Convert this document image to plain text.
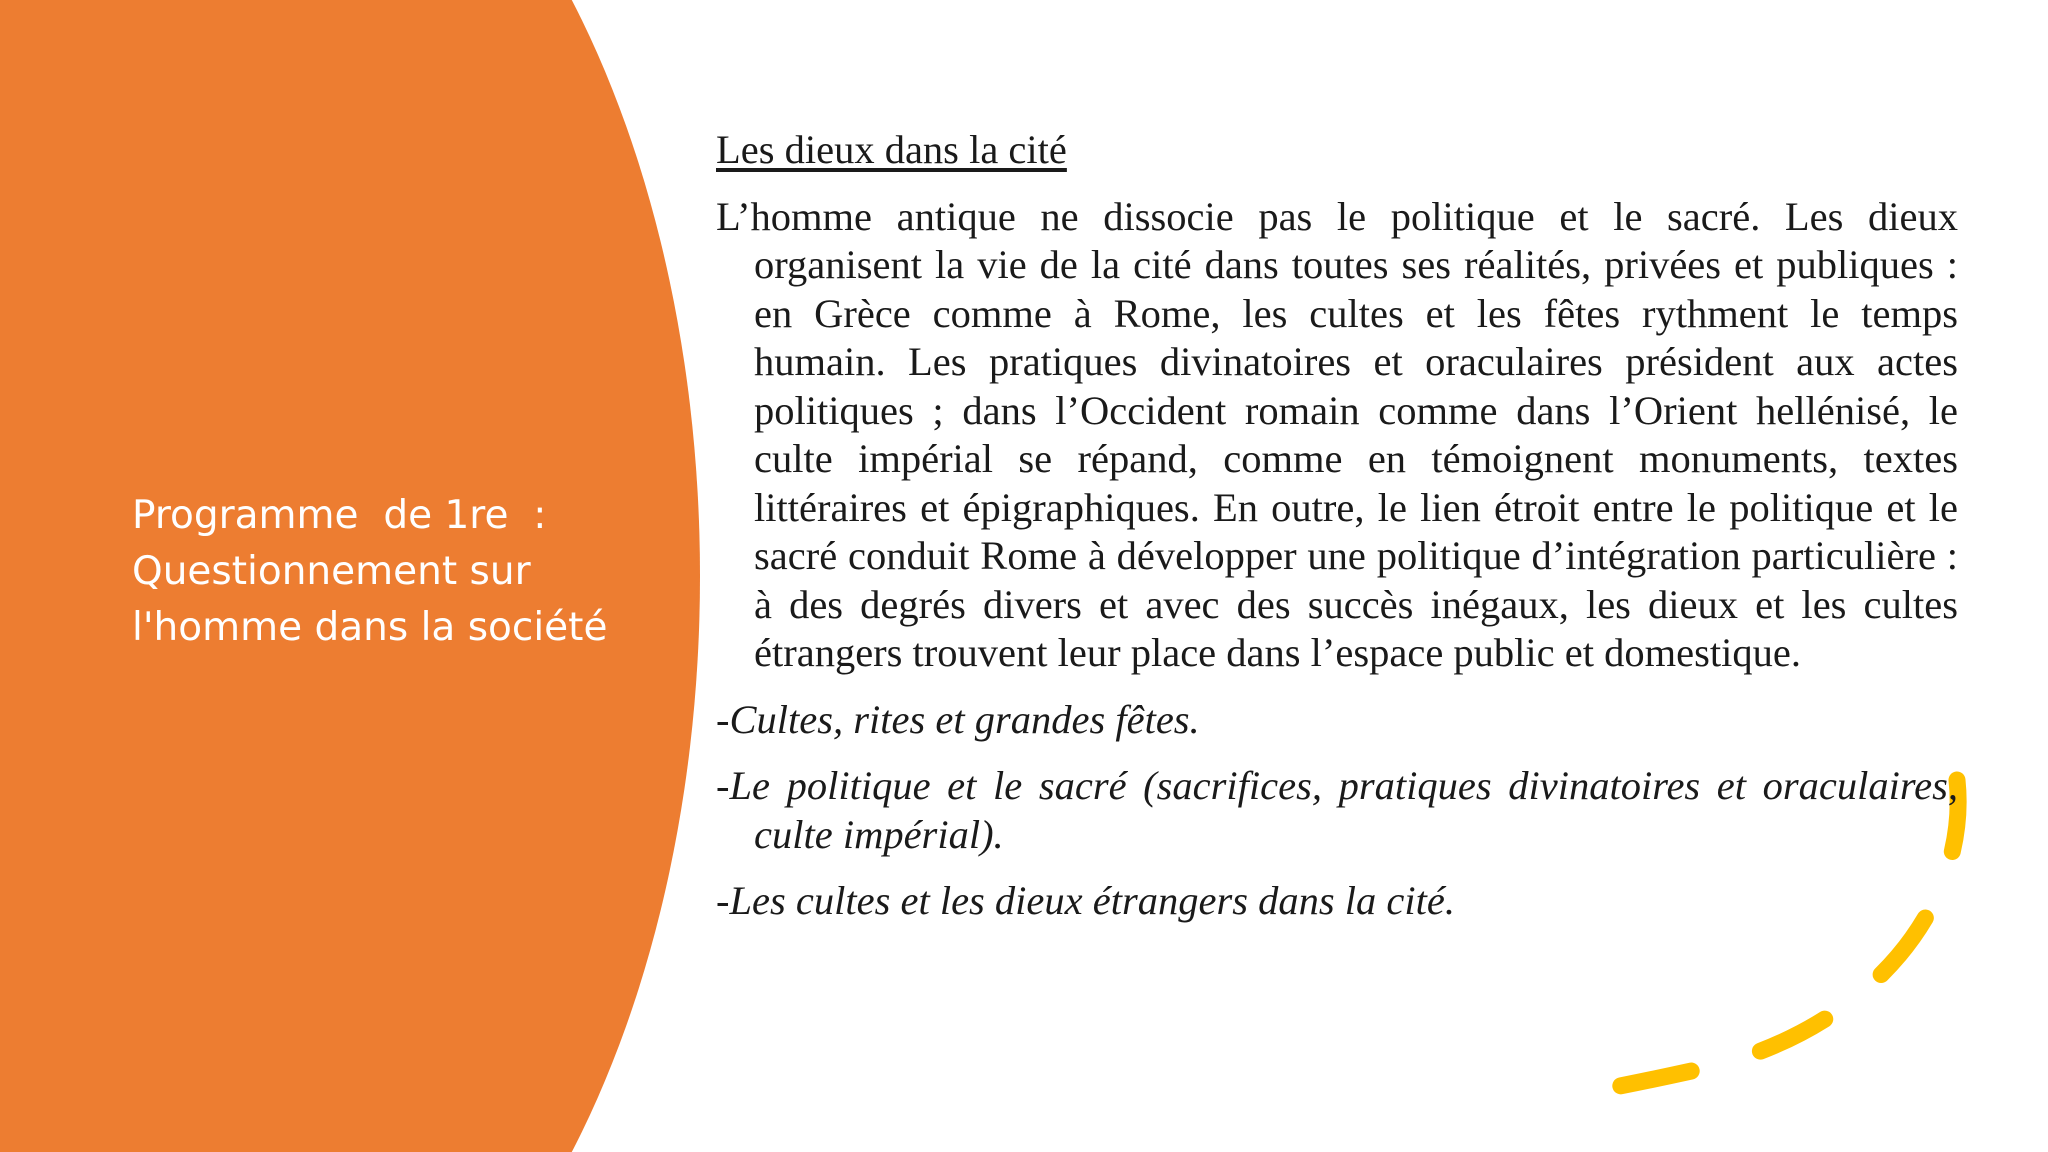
Programme  de 1re  :
Questionnement sur
l'homme dans la société
Les dieux dans la cité
L’homme antique ne dissocie pas le politique et le sacré. Les dieux organisent la vie de la cité dans toutes ses réalités, privées et publiques : en Grèce comme à Rome, les cultes et les fêtes rythment le temps humain. Les pratiques divinatoires et oraculaires président aux actes politiques ; dans l’Occident romain comme dans l’Orient hellénisé, le culte impérial se répand, comme en témoignent monuments, textes littéraires et épigraphiques. En outre, le lien étroit entre le politique et le sacré conduit Rome à développer une politique d’intégration particulière : à des degrés divers et avec des succès inégaux, les dieux et les cultes étrangers trouvent leur place dans l’espace public et domestique.
-Cultes, rites et grandes fêtes.
-Le politique et le sacré (sacrifices, pratiques divinatoires et oraculaires, culte impérial).
-Les cultes et les dieux étrangers dans la cité.
